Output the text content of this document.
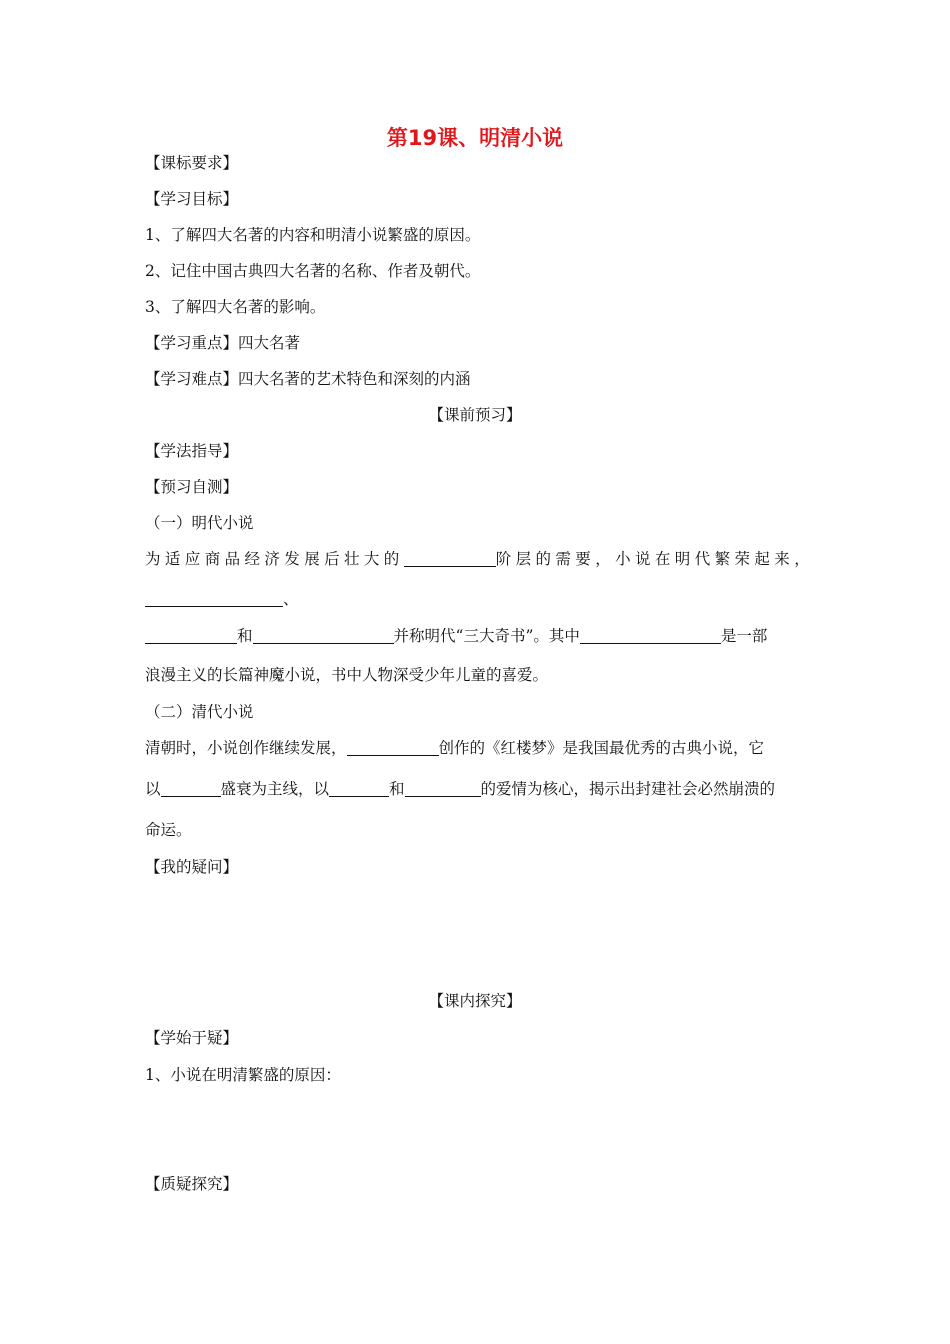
第19课、明清小说
【课标要求】
【学习目标】
1、了解四大名著的内容和明清小说繁盛的原因。
2、记住中国古典四大名著的名称、作者及朝代。
3、了解四大名著的影响。
【学习重点】四大名著
【学习难点】四大名著的艺术特色和深刻的内涵
【课前预习】
【学法指导】
【预习自测】
（一）明代小说
为适应商品经济发展后壮大的	阶层的需要，小说在明代繁荣起来，
、
和	并称明代“三大奇书”。其中	是一部
浪漫主义的长篇神魔小说，书中人物深受少年儿童的喜爱。
（二）清代小说
清朝时，小说创作继续发展，	创作的《红楼梦》是我国最优秀的古典小说，它
以	盛衰为主线，以	和	的爱情为核心，揭示出封建社会必然崩溃的
命运。
【我的疑问】
【课内探究】
【学始于疑】
1、小说在明清繁盛的原因：
【质疑探究】
